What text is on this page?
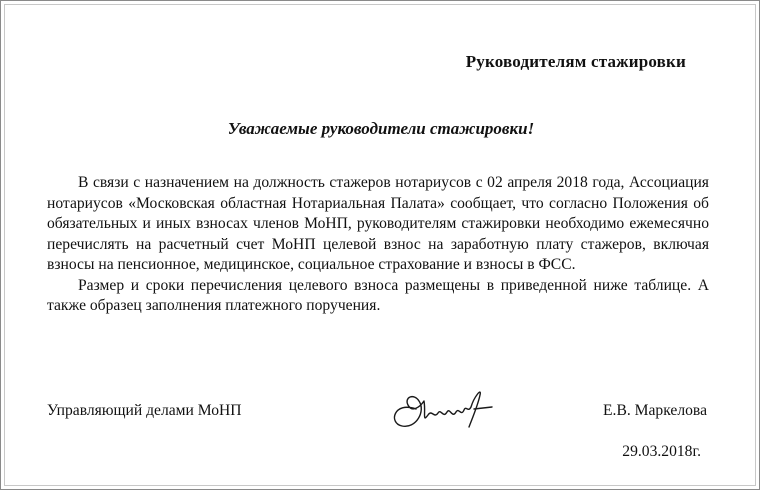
Руководителям стажировки
Уважаемые руководители стажировки!

В связи с назначением на должность стажеров нотариусов с 02 апреля 2018 года, Ассоциация нотариусов «Московская областная Нотариальная Палата» сообщает, что согласно Положения об обязательных и иных взносах членов МоНП, руководителям стажировки необходимо ежемесячно перечислять на расчетный счет МоНП целевой взнос на заработную плату стажеров, включая взносы на пенсионное, медицинское, социальное страхование и взносы в ФСС.

Размер и сроки перечисления целевого взноса размещены в приведенной ниже таблице. А также образец заполнения платежного поручения.

Управляющий делами МоНП	Е.В. Маркелова
29.03.2018г.
